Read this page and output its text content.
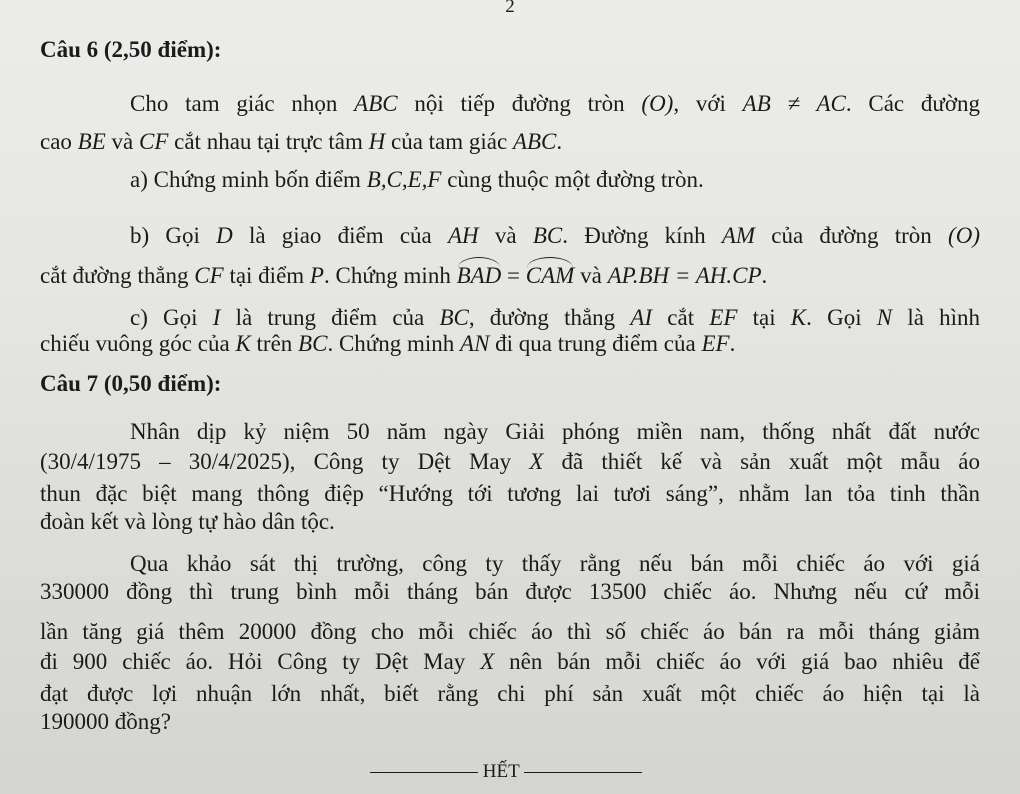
2
Câu 6 (2,50 điểm):
Cho tam giác nhọn ABC nội tiếp đường tròn (O), với AB ≠ AC. Các đường
cao BE và CF cắt nhau tại trực tâm H của tam giác ABC.
a) Chứng minh bốn điểm B,C,E,F cùng thuộc một đường tròn.
b) Gọi D là giao điểm của AH và BC. Đường kính AM của đường tròn (O)
cắt đường thẳng CF tại điểm P. Chứng minh BAD = CAM và AP.BH = AH.CP.
c) Gọi I là trung điểm của BC, đường thẳng AI cắt EF tại K. Gọi N là hình
chiếu vuông góc của K trên BC. Chứng minh AN đi qua trung điểm của EF.
Câu 7 (0,50 điểm):
Nhân dịp kỷ niệm 50 năm ngày Giải phóng miền nam, thống nhất đất nước
(30/4/1975 – 30/4/2025), Công ty Dệt May X đã thiết kế và sản xuất một mẫu áo
thun đặc biệt mang thông điệp “Hướng tới tương lai tươi sáng”, nhằm lan tỏa tinh thần
đoàn kết và lòng tự hào dân tộc.
Qua khảo sát thị trường, công ty thấy rằng nếu bán mỗi chiếc áo với giá
330000 đồng thì trung bình mỗi tháng bán được 13500 chiếc áo. Nhưng nếu cứ mỗi
lần tăng giá thêm 20000 đồng cho mỗi chiếc áo thì số chiếc áo bán ra mỗi tháng giảm
đi 900 chiếc áo. Hỏi Công ty Dệt May X nên bán mỗi chiếc áo với giá bao nhiêu để
đạt được lợi nhuận lớn nhất, biết rằng chi phí sản xuất một chiếc áo hiện tại là
190000 đồng?
HẾT
